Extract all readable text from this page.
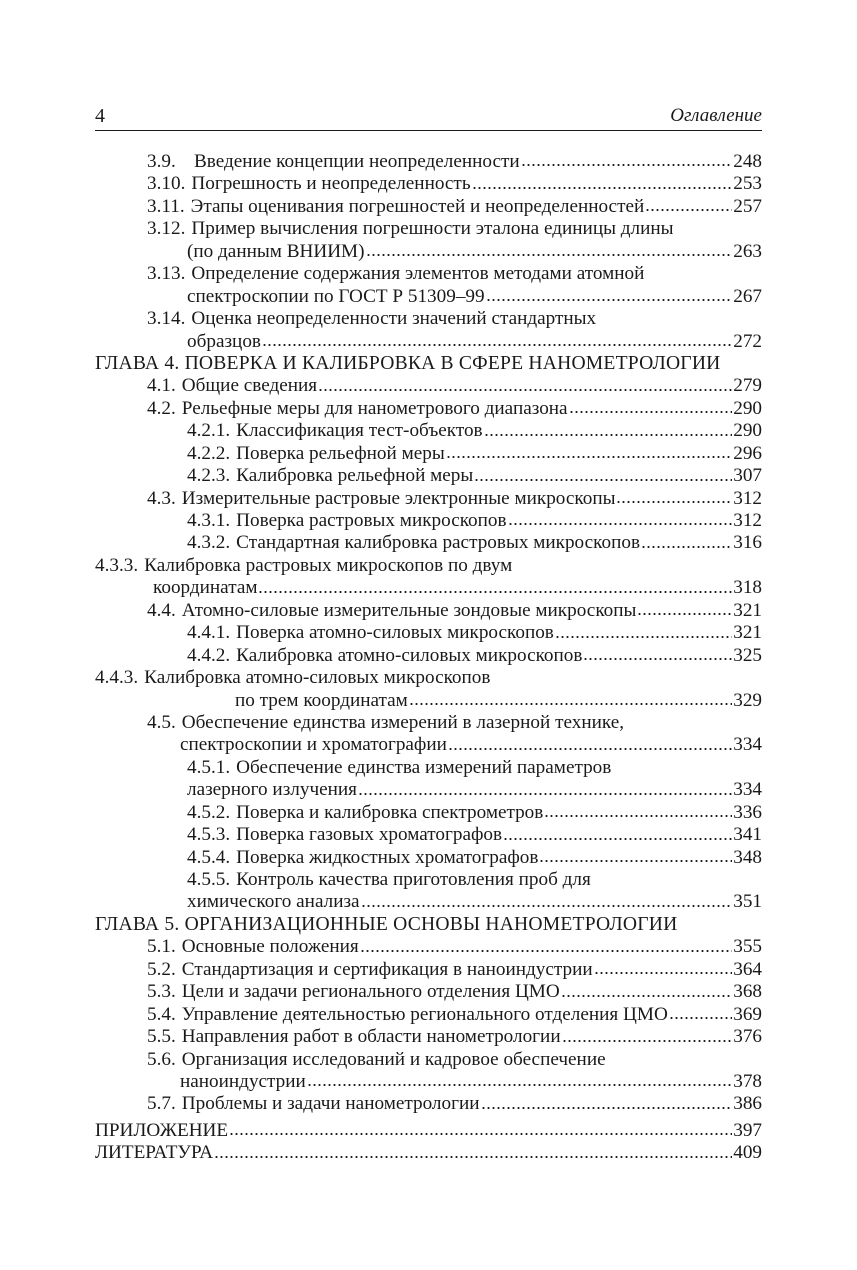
4	Оглавление
3.9. Введение концепции неопределенности	248
3.10. Погрешность и неопределенность	253
3.11. Этапы оценивания погрешностей и неопределенностей	257
3.12. Пример вычисления погрешности эталона единицы длины
(по данным ВНИИМ)	263
3.13. Определение содержания элементов методами атомной
спектроскопии по ГОСТ Р 51309–99	267
3.14. Оценка неопределенности значений стандартных
образцов	272
ГЛАВА 4. ПОВЕРКА И КАЛИБРОВКА В СФЕРЕ НАНОМЕТРОЛОГИИ
4.1. Общие сведения	279
4.2. Рельефные меры для нанометрового диапазона	290
4.2.1. Классификация тест-объектов	290
4.2.2. Поверка рельефной меры	296
4.2.3. Калибровка рельефной меры	307
4.3. Измерительные растровые электронные микроскопы	312
4.3.1. Поверка растровых микроскопов	312
4.3.2. Стандартная калибровка растровых микроскопов	316
4.3.3. Калибровка растровых микроскопов по двум
координатам	318
4.4. Атомно-силовые измерительные зондовые микроскопы	321
4.4.1. Поверка атомно-силовых микроскопов	321
4.4.2. Калибровка атомно-силовых микроскопов	325
4.4.3. Калибровка атомно-силовых микроскопов
по трем координатам	329
4.5. Обеспечение единства измерений в лазерной технике,
спектроскопии и хроматографии	334
4.5.1. Обеспечение единства измерений параметров
лазерного излучения	334
4.5.2. Поверка и калибровка спектрометров	336
4.5.3. Поверка газовых хроматографов	341
4.5.4. Поверка жидкостных хроматографов	348
4.5.5. Контроль качества приготовления проб для
химического анализа	351
ГЛАВА 5. ОРГАНИЗАЦИОННЫЕ ОСНОВЫ НАНОМЕТРОЛОГИИ
5.1. Основные положения	355
5.2. Стандартизация и сертификация в наноиндустрии	364
5.3. Цели и задачи регионального отделения ЦМО	368
5.4. Управление деятельностью регионального отделения ЦМО	369
5.5. Направления работ в области нанометрологии	376
5.6. Организация исследований и кадровое обеспечение
наноиндустрии	378
5.7. Проблемы и задачи нанометрологии	386
ПРИЛОЖЕНИЕ	397
ЛИТЕРАТУРА	409
